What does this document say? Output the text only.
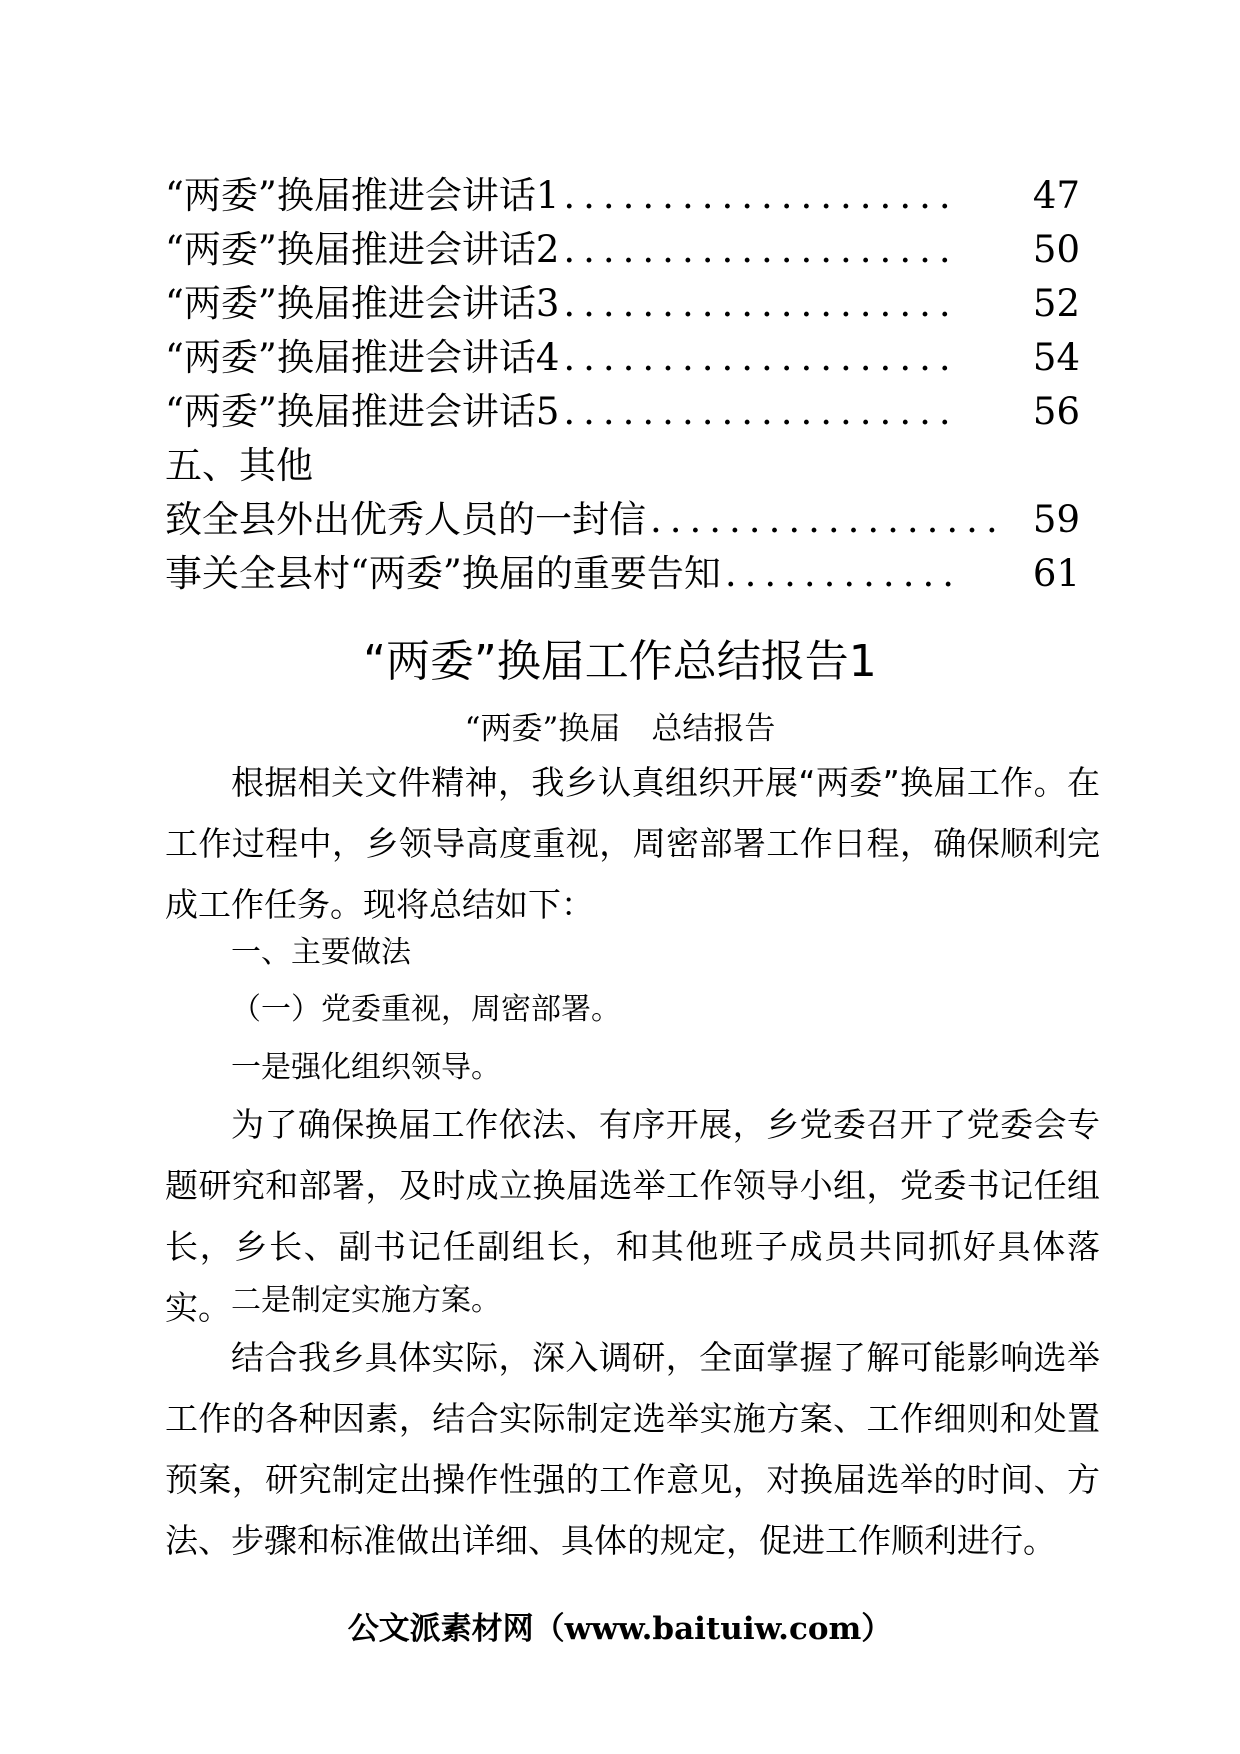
“两委”换届推进会讲话1 ....................	47
“两委”换届推进会讲话2 ....................	50
“两委”换届推进会讲话3 ....................	52
“两委”换届推进会讲话4 ....................	54
“两委”换届推进会讲话5 ....................	56
五、其他
致全县外出优秀人员的一封信 .................. 59
事关全县村“两委”换届的重要告知 ............	61
“两委”换届工作总结报告1
“两委”换届　总结报告

根据相关文件精神，我乡认真组织开展“两委”换届工作。在工作过程中，乡领导高度重视，周密部署工作日程，确保顺利完成工作任务。现将总结如下：

一、主要做法
（一）党委重视，周密部署。
一是强化组织领导。

为了确保换届工作依法、有序开展，乡党委召开了党委会专题研究和部署，及时成立换届选举工作领导小组，党委书记任组长，乡长、副书记任副组长，和其他班子成员共同抓好具体落实。 二是制定实施方案。

结合我乡具体实际，深入调研，全面掌握了解可能影响选举工作的各种因素，结合实际制定选举实施方案、工作细则和处置预案，研究制定出操作性强的工作意见，对换届选举的时间、方法、步骤和标准做出详细、具体的规定，促进工作顺利进行。

公文派素材网（www.baituiw.com）
